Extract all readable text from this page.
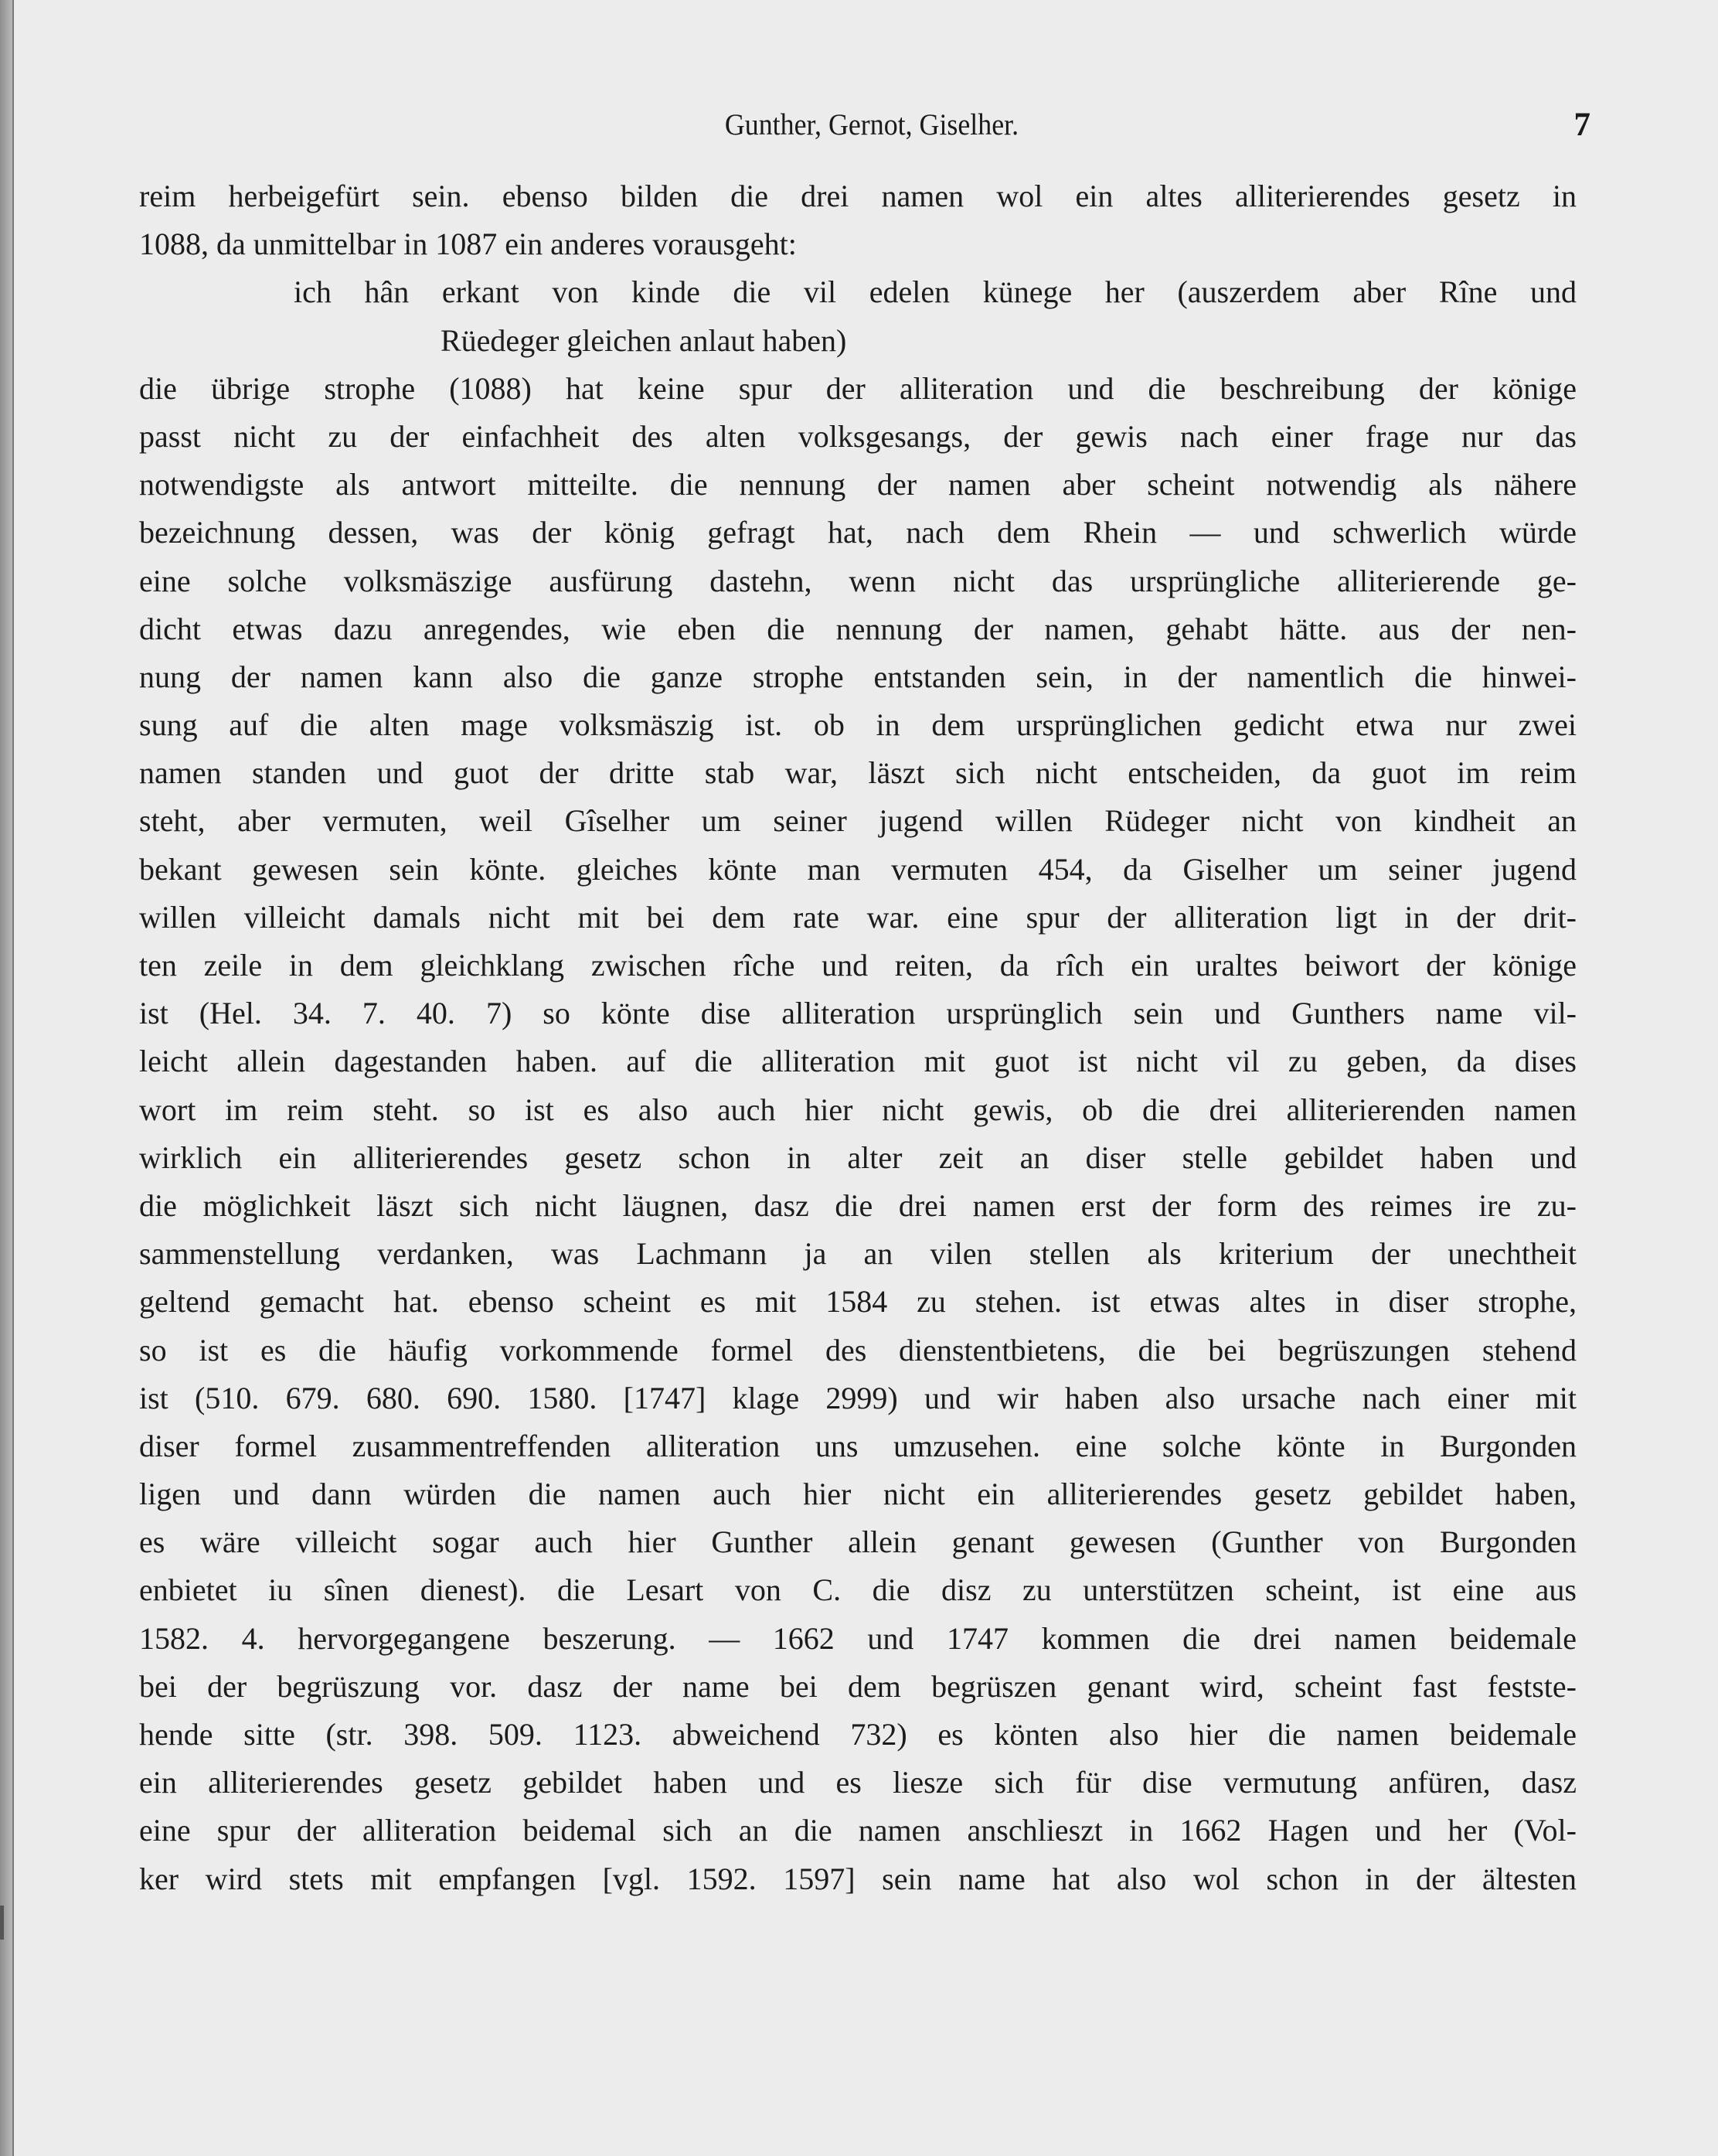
Gunther, Gernot, Giselher.	7
reim herbeigefürt sein. ebenso bilden die drei namen wol ein altes alliterierendes gesetz in
1088, da unmittelbar in 1087 ein anderes vorausgeht:
ich hân erkant von kinde die vil edelen künege her (auszerdem aber Rîne und
Rüedeger gleichen anlaut haben)
die übrige strophe (1088) hat keine spur der alliteration und die beschreibung der könige
passt nicht zu der einfachheit des alten volksgesangs, der gewis nach einer frage nur das
notwendigste als antwort mitteilte. die nennung der namen aber scheint notwendig als nähere
bezeichnung dessen, was der könig gefragt hat, nach dem Rhein — und schwerlich würde
eine solche volksmäszige ausfürung dastehn, wenn nicht das ursprüngliche alliterierende ge-
dicht etwas dazu anregendes, wie eben die nennung der namen, gehabt hätte. aus der nen-
nung der namen kann also die ganze strophe entstanden sein, in der namentlich die hinwei-
sung auf die alten mage volksmäszig ist. ob in dem ursprünglichen gedicht etwa nur zwei
namen standen und guot der dritte stab war, läszt sich nicht entscheiden, da guot im reim
steht, aber vermuten, weil Gîselher um seiner jugend willen Rüdeger nicht von kindheit an
bekant gewesen sein könte. gleiches könte man vermuten 454, da Giselher um seiner jugend
willen villeicht damals nicht mit bei dem rate war. eine spur der alliteration ligt in der drit-
ten zeile in dem gleichklang zwischen rîche und reiten, da rîch ein uraltes beiwort der könige
ist (Hel. 34. 7. 40. 7) so könte dise alliteration ursprünglich sein und Gunthers name vil-
leicht allein dagestanden haben. auf die alliteration mit guot ist nicht vil zu geben, da dises
wort im reim steht. so ist es also auch hier nicht gewis, ob die drei alliterierenden namen
wirklich ein alliterierendes gesetz schon in alter zeit an diser stelle gebildet haben und
die möglichkeit läszt sich nicht läugnen, dasz die drei namen erst der form des reimes ire zu-
sammenstellung verdanken, was Lachmann ja an vilen stellen als kriterium der unechtheit
geltend gemacht hat. ebenso scheint es mit 1584 zu stehen. ist etwas altes in diser strophe,
so ist es die häufig vorkommende formel des dienstentbietens, die bei begrüszungen stehend
ist (510. 679. 680. 690. 1580. [1747] klage 2999) und wir haben also ursache nach einer mit
diser formel zusammentreffenden alliteration uns umzusehen. eine solche könte in Burgonden
ligen und dann würden die namen auch hier nicht ein alliterierendes gesetz gebildet haben,
es wäre villeicht sogar auch hier Gunther allein genant gewesen (Gunther von Burgonden
enbietet iu sînen dienest). die Lesart von C. die disz zu unterstützen scheint, ist eine aus
1582. 4. hervorgegangene beszerung. — 1662 und 1747 kommen die drei namen beidemale
bei der begrüszung vor. dasz der name bei dem begrüszen genant wird, scheint fast festste-
hende sitte (str. 398. 509. 1123. abweichend 732) es könten also hier die namen beidemale
ein alliterierendes gesetz gebildet haben und es liesze sich für dise vermutung anfüren, dasz
eine spur der alliteration beidemal sich an die namen anschlieszt in 1662 Hagen und her (Vol-
ker wird stets mit empfangen [vgl. 1592. 1597] sein name hat also wol schon in der ältesten
